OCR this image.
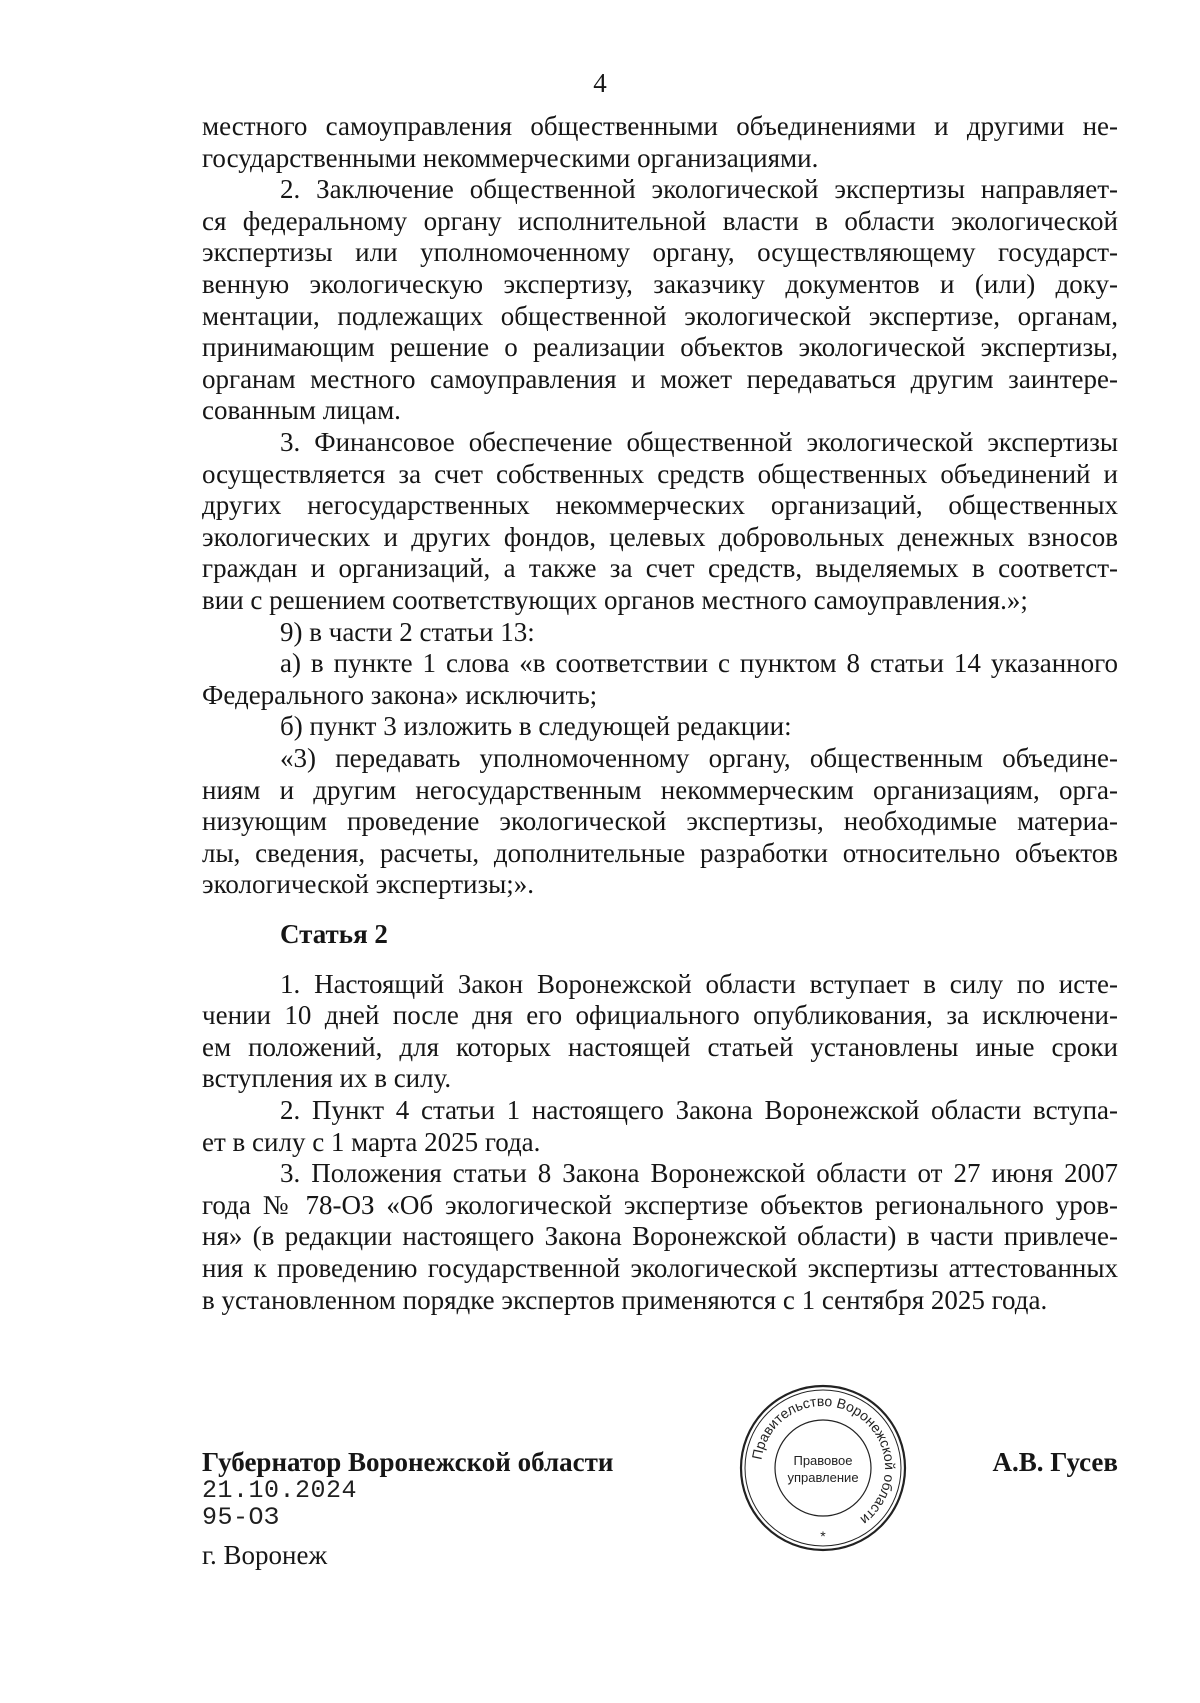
4
местного самоуправления общественными объединениями и другими не-
государственными некоммерческими организациями.
2. Заключение общественной экологической экспертизы направляет-
ся федеральному органу исполнительной власти в области экологической
экспертизы или уполномоченному органу, осуществляющему государст-
венную экологическую экспертизу, заказчику документов и (или) доку-
ментации, подлежащих общественной экологической экспертизе, органам,
принимающим решение о реализации объектов экологической экспертизы,
органам местного самоуправления и может передаваться другим заинтере-
сованным лицам.
3. Финансовое обеспечение общественной экологической экспертизы
осуществляется за счет собственных средств общественных объединений и
других негосударственных некоммерческих организаций, общественных
экологических и других фондов, целевых добровольных денежных взносов
граждан и организаций, а также за счет средств, выделяемых в соответст-
вии с решением соответствующих органов местного самоуправления.»;
9) в части 2 статьи 13:
а) в пункте 1 слова «в соответствии с пунктом 8 статьи 14 указанного
Федерального закона» исключить;
б) пункт 3 изложить в следующей редакции:
«3) передавать уполномоченному органу, общественным объедине-
ниям и другим негосударственным некоммерческим организациям, орга-
низующим проведение экологической экспертизы, необходимые материа-
лы, сведения, расчеты, дополнительные разработки относительно объектов
экологической экспертизы;».
Статья 2
1. Настоящий Закон Воронежской области вступает в силу по исте-
чении 10 дней после дня его официального опубликования, за исключени-
ем положений, для которых настоящей статьей установлены иные сроки
вступления их в силу.
2. Пункт 4 статьи 1 настоящего Закона Воронежской области вступа-
ет в силу с 1 марта 2025 года.
3. Положения статьи 8 Закона Воронежской области от 27 июня 2007
года № 78-ОЗ «Об экологической экспертизе объектов регионального уров-
ня» (в редакции настоящего Закона Воронежской области) в части привлече-
ния к проведению государственной экологической экспертизы аттестованных
в установленном порядке экспертов применяются с 1 сентября 2025 года.
Губернатор Воронежской области	А.В. Гусев
21.10.2024
95-ОЗ
г. Воронеж
Правительство Воронежской области
Правовое
управление
*
